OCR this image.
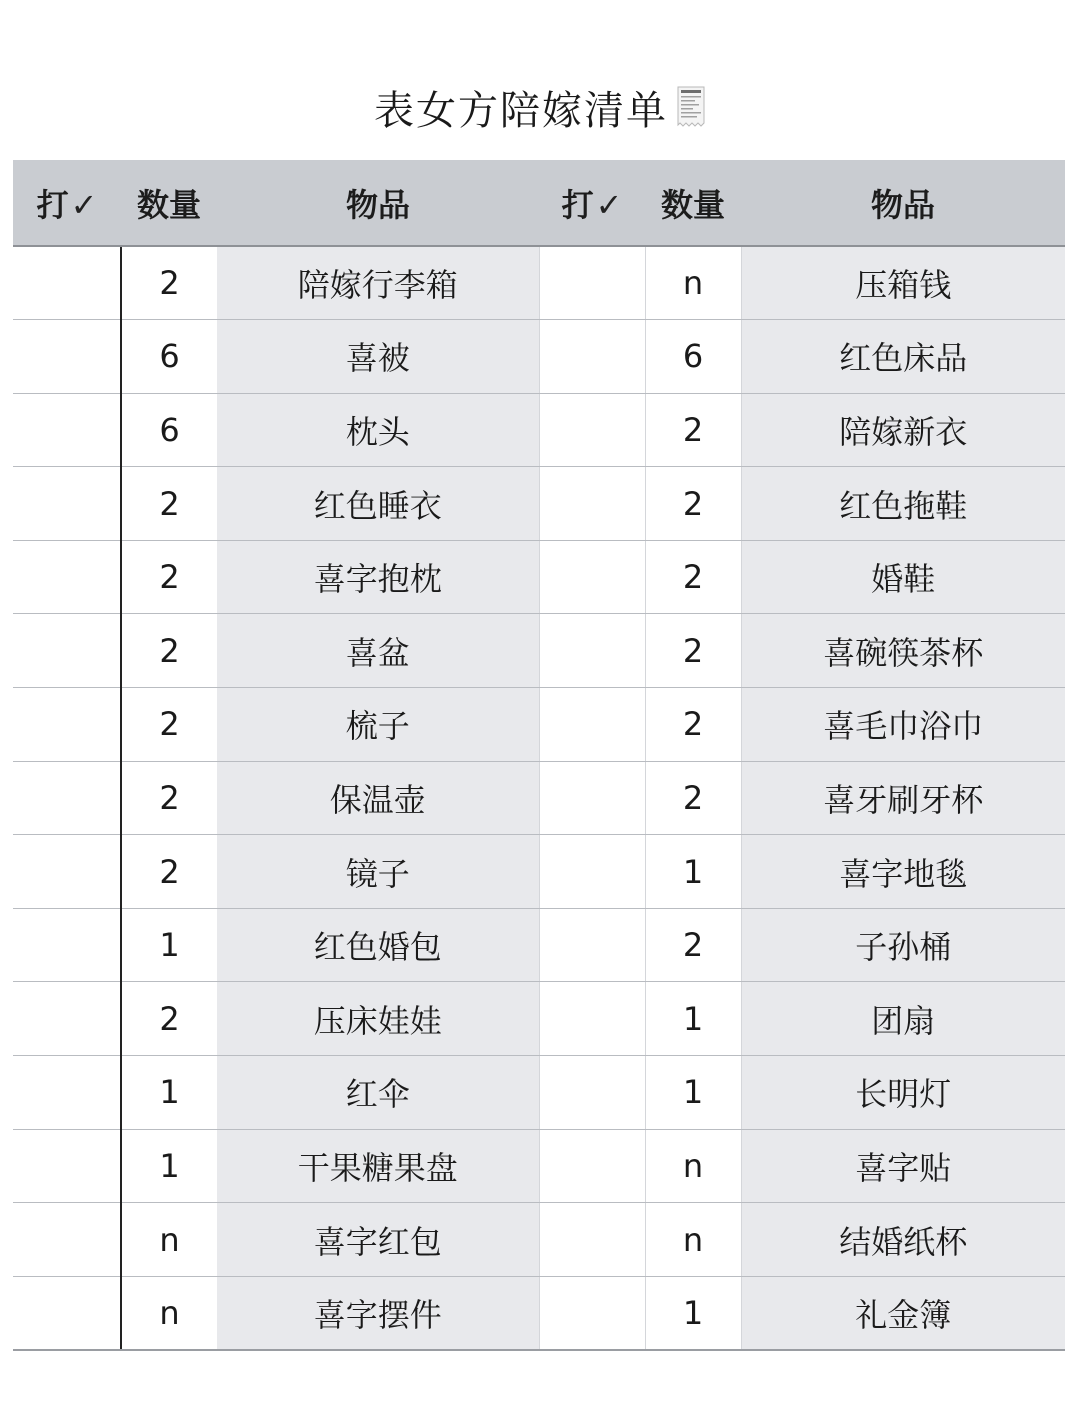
表女方陪嫁清单
打✓	数量	物品	打✓	数量	物品
	2	陪嫁行李箱		n	压箱钱
	6	喜被		6	红色床品
	6	枕头		2	陪嫁新衣
	2	红色睡衣		2	红色拖鞋
	2	喜字抱枕		2	婚鞋
	2	喜盆		2	喜碗筷茶杯
	2	梳子		2	喜毛巾浴巾
	2	保温壶		2	喜牙刷牙杯
	2	镜子		1	喜字地毯
	1	红色婚包		2	子孙桶
	2	压床娃娃		1	团扇
	1	红伞		1	长明灯
	1	干果糖果盘		n	喜字贴
	n	喜字红包		n	结婚纸杯
	n	喜字摆件		1	礼金簿
